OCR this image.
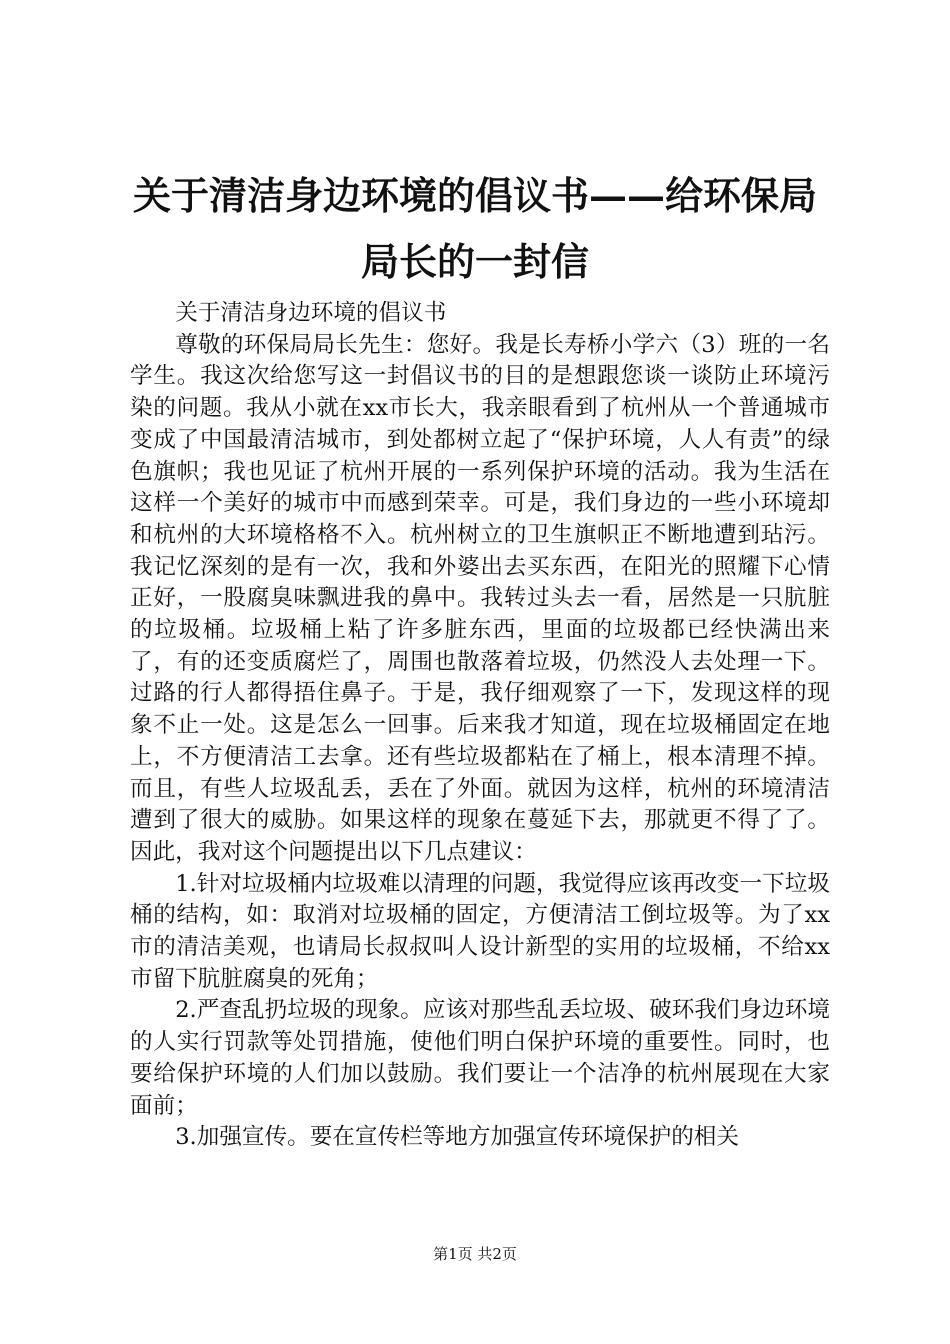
关于清洁身边环境的倡议书——给环保局局长的一封信

关于清洁身边环境的倡议书

尊敬的环保局局长先生：您好。我是长寿桥小学六（3）班的一名学生。我这次给您写这一封倡议书的目的是想跟您谈一谈防止环境污染的问题。我从小就在xx市长大，我亲眼看到了杭州从一个普通城市变成了中国最清洁城市，到处都树立起了“保护环境，人人有责”的绿色旗帜；我也见证了杭州开展的一系列保护环境的活动。我为生活在这样一个美好的城市中而感到荣幸。可是，我们身边的一些小环境却和杭州的大环境格格不入。杭州树立的卫生旗帜正不断地遭到玷污。我记忆深刻的是有一次，我和外婆出去买东西，在阳光的照耀下心情正好，一股腐臭味飘进我的鼻中。我转过头去一看，居然是一只肮脏的垃圾桶。垃圾桶上粘了许多脏东西，里面的垃圾都已经快满出来了，有的还变质腐烂了，周围也散落着垃圾，仍然没人去处理一下。过路的行人都得捂住鼻子。于是，我仔细观察了一下，发现这样的现象不止一处。这是怎么一回事。后来我才知道，现在垃圾桶固定在地上，不方便清洁工去拿。还有些垃圾都粘在了桶上，根本清理不掉。而且，有些人垃圾乱丢，丢在了外面。就因为这样，杭州的环境清洁遭到了很大的威胁。如果这样的现象在蔓延下去，那就更不得了了。因此，我对这个问题提出以下几点建议：

1.针对垃圾桶内垃圾难以清理的问题，我觉得应该再改变一下垃圾桶的结构，如：取消对垃圾桶的固定，方便清洁工倒垃圾等。为了xx市的清洁美观，也请局长叔叔叫人设计新型的实用的垃圾桶，不给xx市留下肮脏腐臭的死角；

2.严查乱扔垃圾的现象。应该对那些乱丢垃圾、破环我们身边环境的人实行罚款等处罚措施，使他们明白保护环境的重要性。同时，也要给保护环境的人们加以鼓励。我们要让一个洁净的杭州展现在大家面前；

3.加强宣传。要在宣传栏等地方加强宣传环境保护的相关

第1页 共2页
